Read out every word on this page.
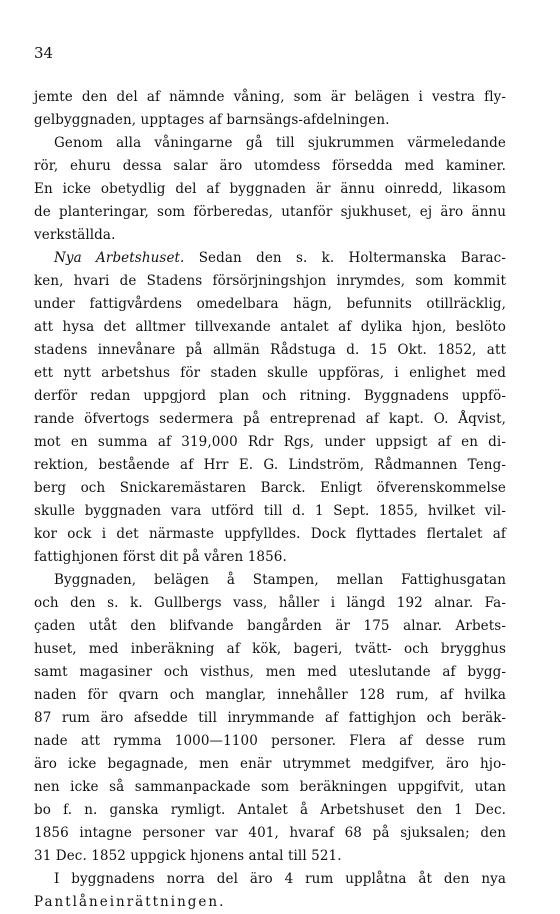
34
jemte den del af nämnde våning, som är belägen i vestra fly-
gelbyggnaden, upptages af barnsängs-afdelningen.
Genom alla våningarne gå till sjukrummen värmeledande
rör, ehuru dessa salar äro utomdess försedda med kaminer.
En icke obetydlig del af byggnaden är ännu oinredd, likasom
de planteringar, som förberedas, utanför sjukhuset, ej äro ännu
verkställda.
Nya Arbetshuset. Sedan den s. k. Holtermanska Barac-
ken, hvari de Stadens försörjningshjon inrymdes, som kommit
under fattigvårdens omedelbara hägn, befunnits otillräcklig,
att hysa det alltmer tillvexande antalet af dylika hjon, beslöto
stadens innevånare på allmän Rådstuga d. 15 Okt. 1852, att
ett nytt arbetshus för staden skulle uppföras, i enlighet med
derför redan uppgjord plan och ritning. Byggnadens uppfö-
rande öfvertogs sedermera på entreprenad af kapt. O. Åqvist,
mot en summa af 319,000 Rdr Rgs, under uppsigt af en di-
rektion, bestående af Hrr E. G. Lindström, Rådmannen Teng-
berg och Snickaremästaren Barck. Enligt öfverenskommelse
skulle byggnaden vara utförd till d. 1 Sept. 1855, hvilket vil-
kor ock i det närmaste uppfylldes. Dock flyttades flertalet af
fattighjonen först dit på våren 1856.
Byggnaden, belägen å Stampen, mellan Fattighusgatan
och den s. k. Gullbergs vass, håller i längd 192 alnar. Fa-
çaden utåt den blifvande bangården är 175 alnar. Arbets-
huset, med inberäkning af kök, bageri, tvätt- och brygghus
samt magasiner och visthus, men med uteslutande af bygg-
naden för qvarn och manglar, innehåller 128 rum, af hvilka
87 rum äro afsedde till inrymmande af fattighjon och beräk-
nade att rymma 1000—1100 personer. Flera af desse rum
äro icke begagnade, men enär utrymmet medgifver, äro hjo-
nen icke så sammanpackade som beräkningen uppgifvit, utan
bo f. n. ganska rymligt. Antalet å Arbetshuset den 1 Dec.
1856 intagne personer var 401, hvaraf 68 på sjuksalen; den
31 Dec. 1852 uppgick hjonens antal till 521.
I byggnadens norra del äro 4 rum upplåtna åt den nya
Pantlåneinrättningen.
